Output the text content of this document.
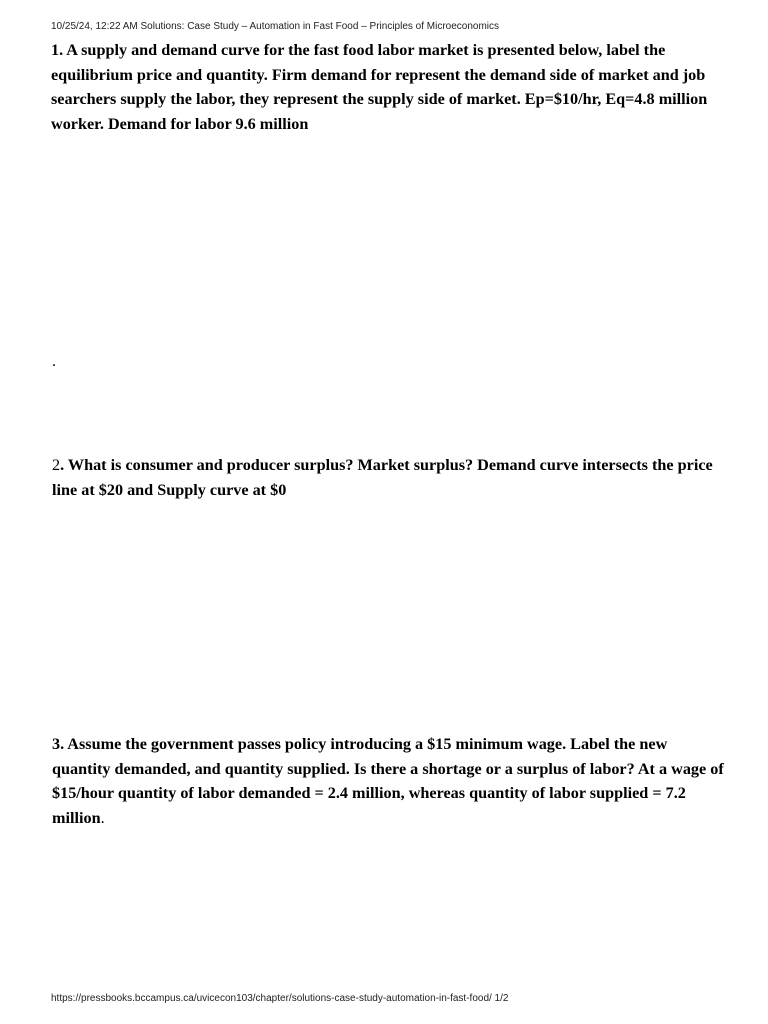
10/25/24, 12:22 AM Solutions: Case Study – Automation in Fast Food – Principles of Microeconomics
1. A supply and demand curve for the fast food labor market is presented below, label the equilibrium price and quantity. Firm demand for represent the demand side of market and job searchers supply the labor, they represent the supply side of market. Ep=$10/hr, Eq=4.8 million worker. Demand for labor 9.6 million
.
2. What is consumer and producer surplus? Market surplus? Demand curve intersects the price line at $20 and Supply curve at $0
3. Assume the government passes policy introducing a $15 minimum wage. Label the new quantity demanded, and quantity supplied. Is there a shortage or a surplus of labor? At a wage of $15/hour quantity of labor demanded = 2.4 million, whereas quantity of labor supplied = 7.2 million.
https://pressbooks.bccampus.ca/uvicecon103/chapter/solutions-case-study-automation-in-fast-food/ 1/2
